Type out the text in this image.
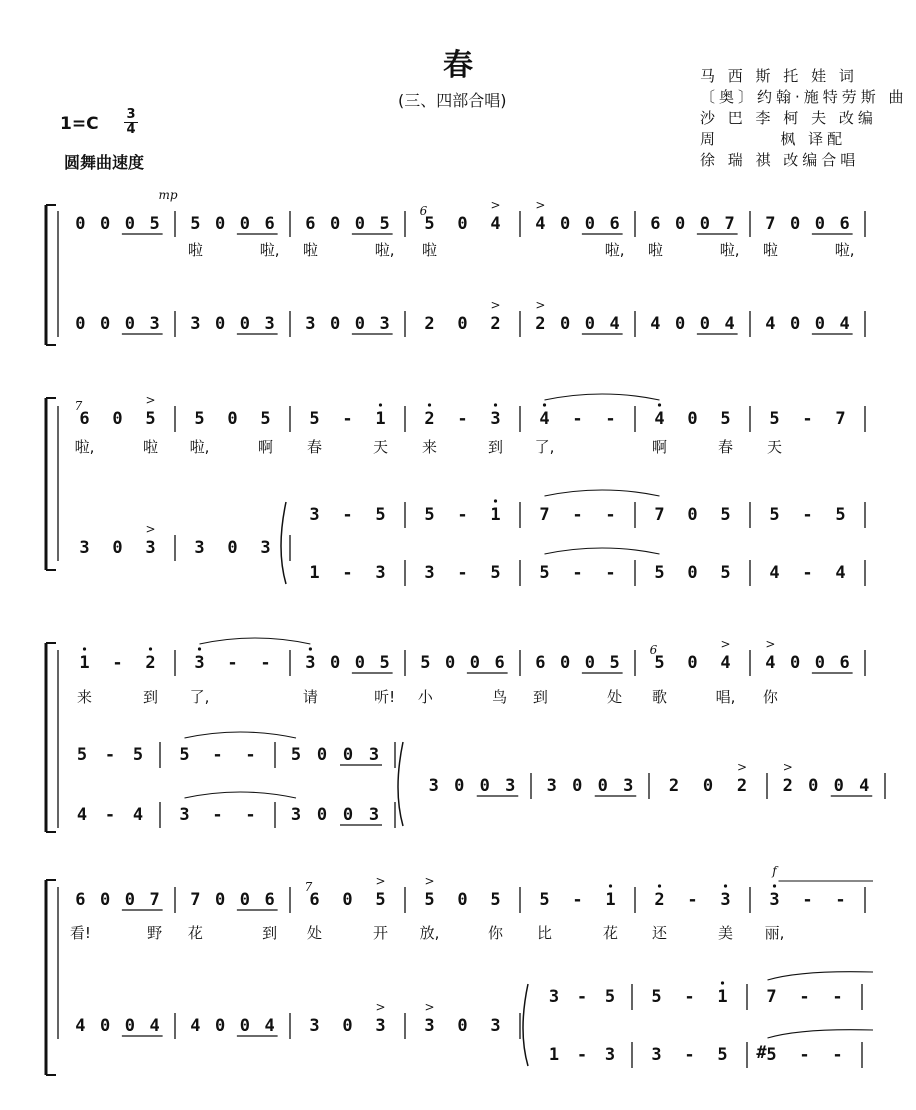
春
(三、四部合唱)
1=C 3
4
圆舞曲速度
马 西 斯 托 娃 词
〔奥〕约翰·施特劳斯 曲
沙 巴 李 柯 夫 改编
周       枫 译配
徐 瑞 祺 改编合唱
0 0 0 5 5 0 0 6 6 0 0 5 5 0 4 4 0 0 6 6 0 0 7 7 0 0 6
0 0 0 3 3 0 0 3 3 0 0 3 2 0 2 2 0 0 4 4 0 0 4 4 0 0 4
mp
>	>
>	>
6
啦	啦, 啦	啦, 啦	啦, 啦	啦, 啦	啦,
6 0 5 5 0 5 5 - 1 2 - 3 4 - - 4 0 5 5 - 7
3 0 3 3 0 3
3 - 5 5 - 1 7 - - 7 0 5 5 - 5
1 - 3 3 - 5 5 - - 5 0 5 4 - 4
>
>
7
啦,	啦 啦,	啊 春	天 来	到 了,	啊	春 天
1 - 2 3 - - 3 0 0 5 5 0 0 6 6 0 0 5 5 0 4 4 0 0 6
5 - 5 5 - - 5 0 0 3
4 - 4 3 - - 3 0 0 3
3 0 0 3 3 0 0 3 2 0 2 2 0 0 4
>	>
>	>
6
来	到 了,	请	听! 小	鸟 到	处 歌	唱, 你
6 0 0 7 7 0 0 6 6 0 5 5 0 5 5 - 1 2 - 3 3 - -
4 0 0 4 4 0 0 4 3 0 3 3 0 3
3 - 5 5 - 1 7 - -
1 - 3 3 - 5 5 - -
>	>
>	>
7
#
f
看!	野 花	到 处	开 放,	你 比	花 还	美 丽,
